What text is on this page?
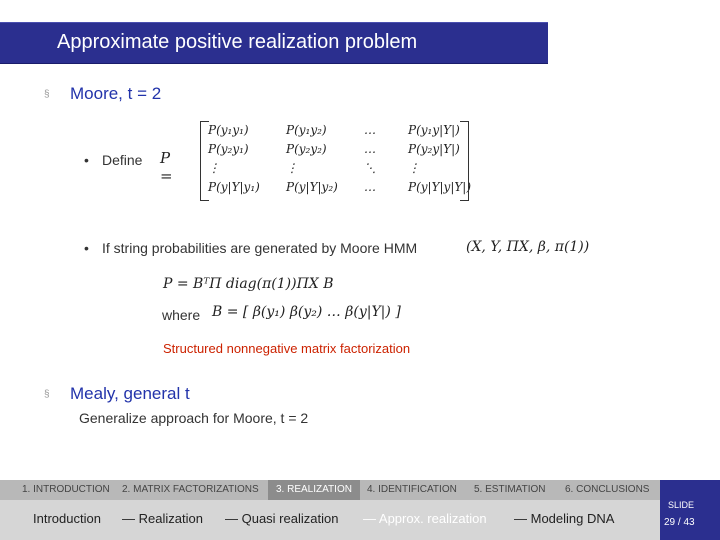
Approximate positive realization problem
§ Moore, t = 2
• Define P =
P(y₁y₁)	P(y₁y₂)	…	P(y₁y|Y|)
P(y₂y₁)	P(y₂y₂)	…	P(y₂y|Y|)
⋮	⋮	⋱	⋮
P(y|Y|y₁)	P(y|Y|y₂)	…	P(y|Y|y|Y|)
• If string probabilities are generated by Moore HMM	(X, Y, ΠX, β, π(1))
P = BᵀΠ diag(π(1))ΠX B
where B = [ β(y₁) β(y₂) … β(y|Y|) ]
Structured nonnegative matrix factorization
§ Mealy, general t
Generalize approach for Moore, t = 2
1. INTRODUCTION 2. MATRIX FACTORIZATIONS	3. REALIZATION	4. IDENTIFICATION 5. ESTIMATION 6. CONCLUSIONS
Introduction — Realization — Quasi realization — Approx. realization — Modeling DNA
SLIDE
29 / 43
